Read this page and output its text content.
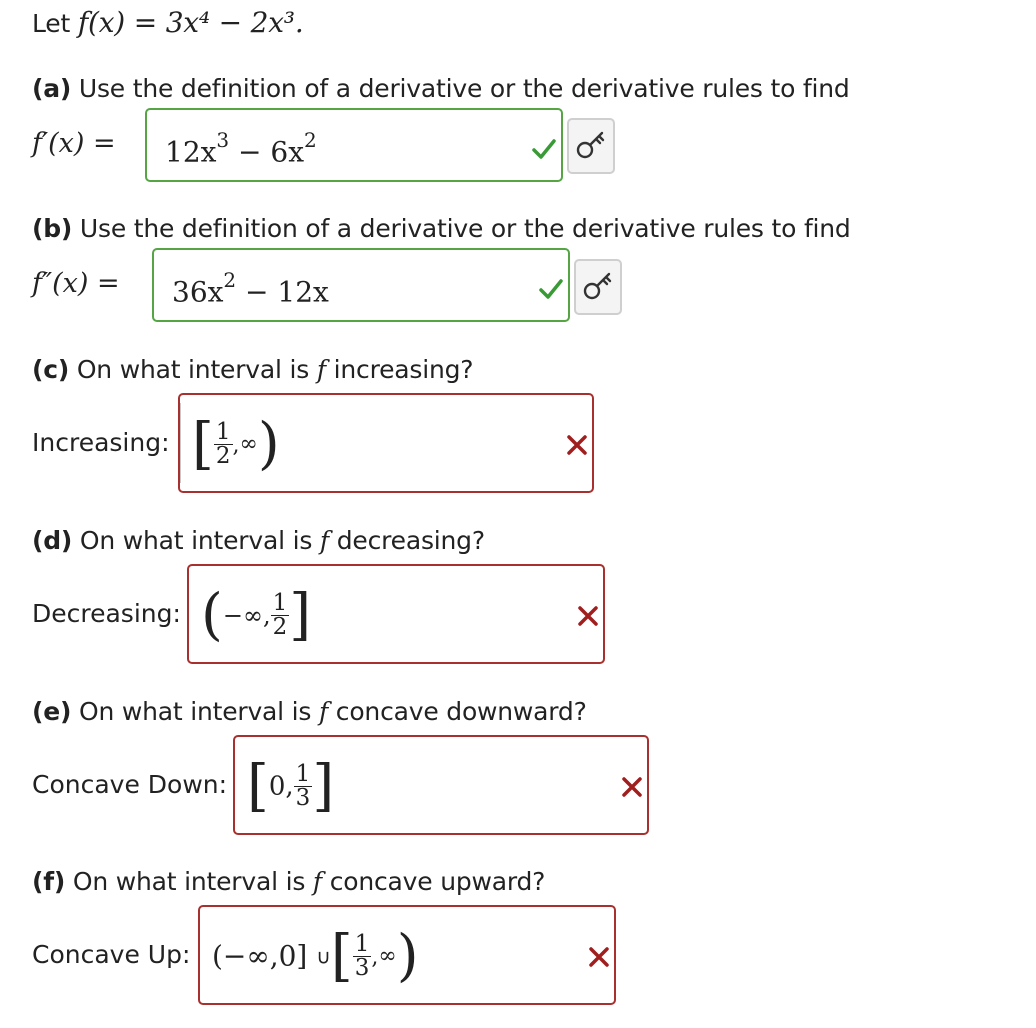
Let f(x) = 3x⁴ − 2x³.
(a) Use the definition of a derivative or the derivative rules to find
$f'(x) = 12x^3 - 6x^2$
(b) Use the definition of a derivative or the derivative rules to find
$f''(x) = 36x^2 - 12x$
(c) On what interval is f increasing?
Increasing: [ $\frac{1}{2}$ ,∞)
(d) On what interval is f decreasing?
Decreasing: (−∞, $\frac{1}{2}$ ]
(e) On what interval is f concave downward?
Concave Down: [0, $\frac{1}{3}$ ]
(f) On what interval is f concave upward?
Concave Up: (−∞,0] ∪[ $\frac{1}{3}$ ,∞)
